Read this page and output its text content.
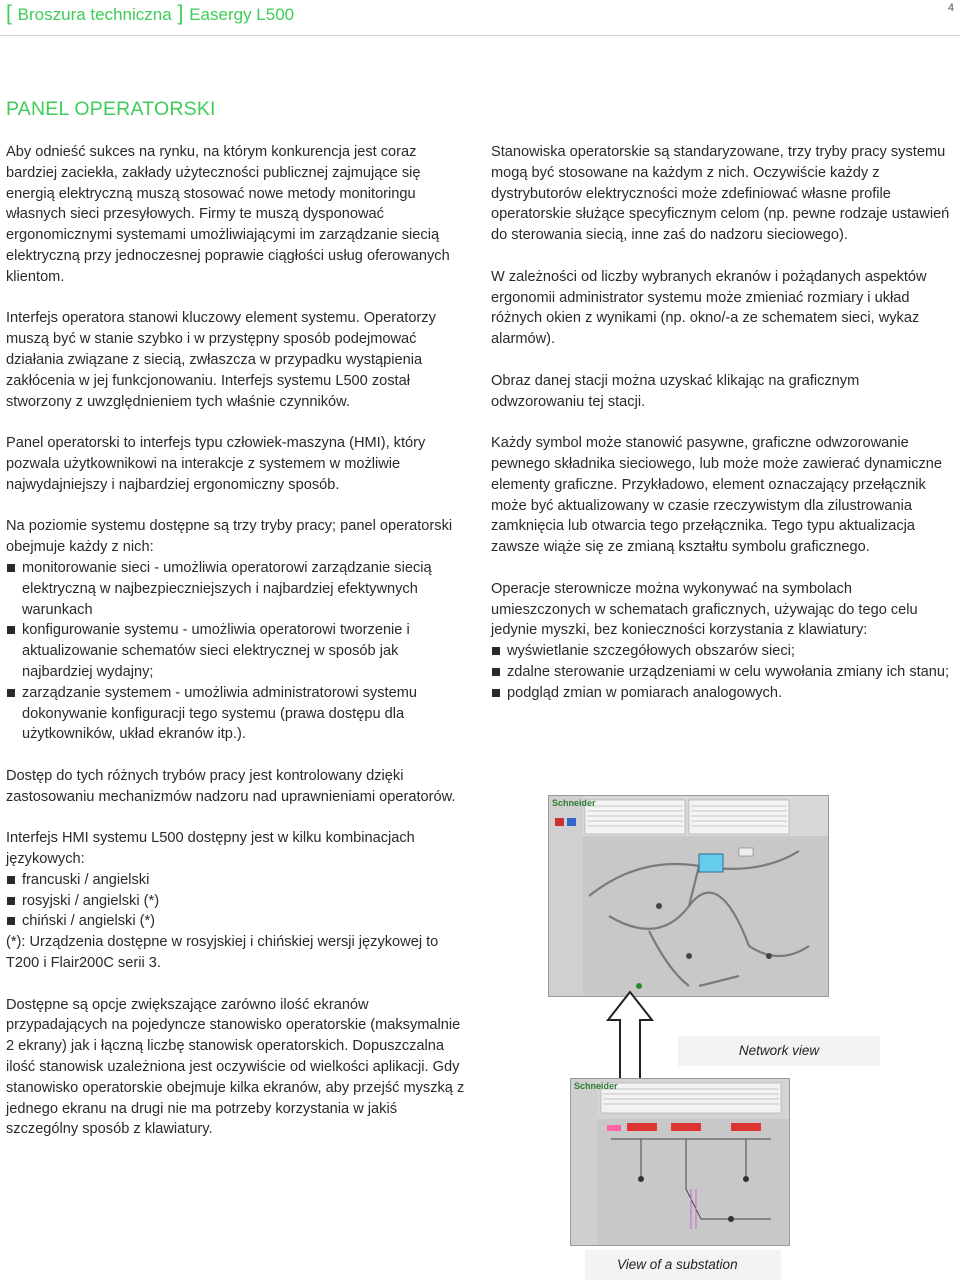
[ Broszura techniczna ] Easergy L500	4
PANEL OPERATORSKI

Aby odnieść sukces na rynku, na którym konkurencja jest coraz bardziej zaciekła, zakłady użyteczności publicznej zajmujące się energią elektryczną muszą stosować nowe metody monitoringu własnych sieci przesyłowych. Firmy te muszą dysponować ergonomicznymi systemami umożliwiającymi im zarządzanie siecią elektryczną przy jednoczesnej poprawie ciągłości usług oferowanych klientom.

Interfejs operatora stanowi kluczowy element systemu. Operatorzy muszą być w stanie szybko i w przystępny sposób podejmować działania związane z siecią, zwłaszcza w przypadku wystąpienia zakłócenia w jej funkcjonowaniu. Interfejs systemu L500 został stworzony z uwzględnieniem tych właśnie czynników.

Panel operatorski to interfejs typu człowiek-maszyna (HMI), który pozwala użytkownikowi na interakcje z systemem w możliwie najwydajniejszy i najbardziej ergonomiczny sposób.

Na poziomie systemu dostępne są trzy tryby pracy; panel operatorski obejmuje każdy z nich:

monitorowanie sieci - umożliwia operatorowi zarządzanie siecią elektryczną w najbezpieczniejszych i najbardziej efektywnych warunkach
konfigurowanie systemu - umożliwia operatorowi tworzenie i aktualizowanie schematów sieci elektrycznej w sposób jak najbardziej wydajny;
zarządzanie systemem - umożliwia administratorowi systemu dokonywanie konfiguracji tego systemu (prawa dostępu dla użytkowników, układ ekranów itp.).

Dostęp do tych różnych trybów pracy jest kontrolowany dzięki zastosowaniu mechanizmów nadzoru nad uprawnieniami operatorów.

Interfejs HMI systemu L500 dostępny jest w kilku kombinacjach językowych:

francuski / angielski
rosyjski / angielski (*)
chiński / angielski (*)

(*): Urządzenia dostępne w rosyjskiej i chińskiej wersji językowej to T200 i Flair200C serii 3.

Dostępne są opcje zwiększające zarówno ilość ekranów przypadających na pojedyncze stanowisko operatorskie (maksymalnie 2 ekrany) jak i łączną liczbę stanowisk operatorskich. Dopuszczalna ilość stanowisk uzależniona jest oczywiście od wielkości aplikacji. Gdy stanowisko operatorskie obejmuje kilka ekranów, aby przejść myszką z jednego ekranu na drugi nie ma potrzeby korzystania w jakiś szczególny sposób z klawiatury.

Stanowiska operatorskie są standaryzowane, trzy tryby pracy systemu mogą być stosowane na każdym z nich. Oczywiście każdy z dystrybutorów elektryczności może zdefiniować własne profile operatorskie służące specyficznym celom (np. pewne rodzaje ustawień do sterowania siecią, inne zaś do nadzoru sieciowego).

W zależności od liczby wybranych ekranów i pożądanych aspektów ergonomii administrator systemu może zmieniać rozmiary i układ różnych okien z wynikami (np. okno/-a ze schematem sieci, wykaz alarmów).

Obraz danej stacji można uzyskać klikając na graficznym odwzorowaniu tej stacji.

Każdy symbol może stanowić pasywne, graficzne odwzorowanie pewnego składnika sieciowego, lub może może zawierać dynamiczne elementy graficzne. Przykładowo, element oznaczający przełącznik może być aktualizowany w czasie rzeczywistym dla zilustrowania zamknięcia lub otwarcia tego przełącznika. Tego typu aktualizacja zawsze wiąże się ze zmianą kształtu symbolu graficznego.

Operacje sterownicze można wykonywać na symbolach umieszczonych w schematach graficznych, używając do tego celu jedynie myszki, bez konieczności korzystania z klawiatury:

wyświetlanie szczegółowych obszarów sieci;
zdalne sterowanie urządzeniami w celu wywołania zmiany ich stanu;
podgląd zmian w pomiarach analogowych.
Schneider
Network view
Schneider
View of a substation
